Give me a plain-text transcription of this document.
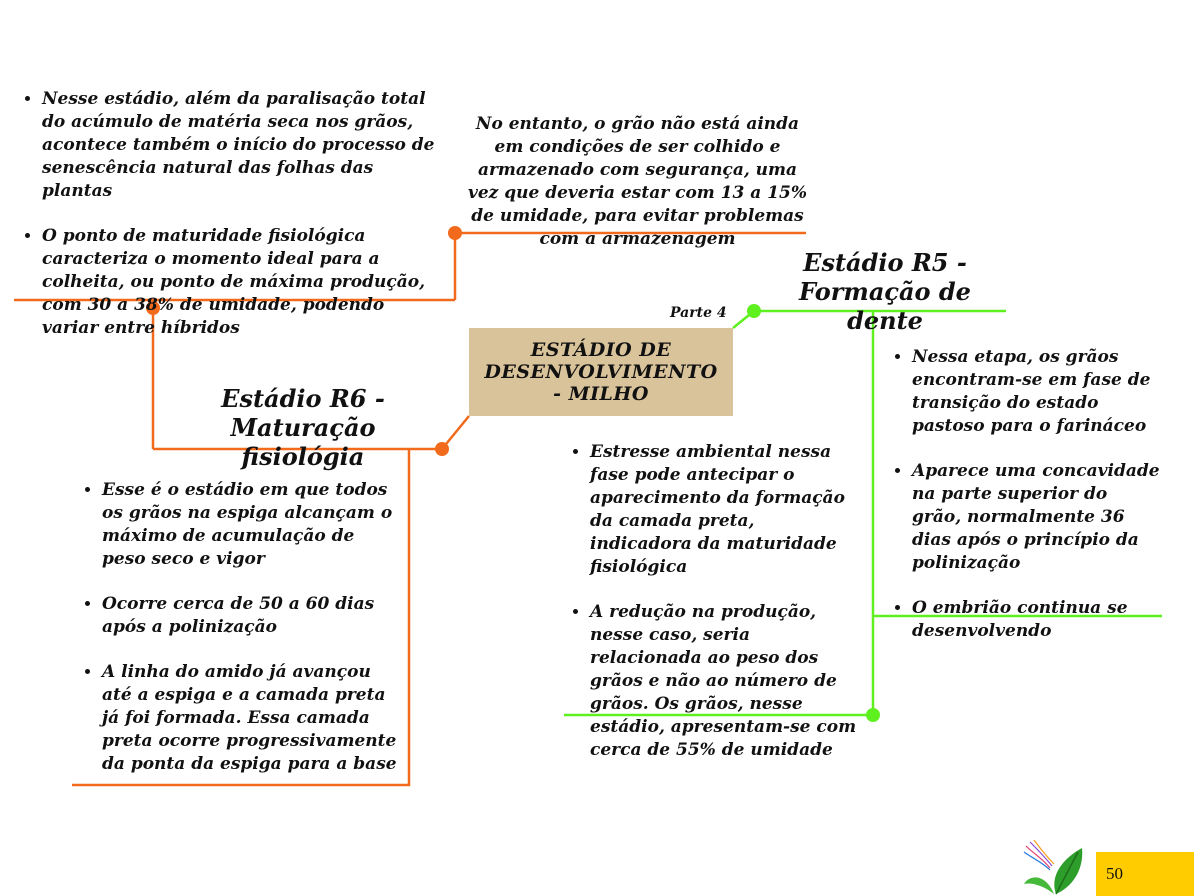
ESTÁDIO DE
DESENVOLVIMENTO
- MILHO
Parte 4
Estádio R6 -
Maturação fisiológia
• Nesse estádio, além da paralisação total do acúmulo de matéria seca nos grãos, acontece também o início do processo de senescência natural das folhas das plantas
• O ponto de maturidade fisiológica caracteriza o momento ideal para a colheita, ou ponto de máxima produção, com 30 a 38% de umidade, podendo variar entre híbridos
No entanto, o grão não está ainda em condições de ser colhido e armazenado com segurança, uma vez que deveria estar com 13 a 15% de umidade, para evitar problemas com a armazenagem
• Esse é o estádio em que todos os grãos na espiga alcançam o máximo de acumulação de peso seco e vigor
• Ocorre cerca de 50 a 60 dias após a polinização
• A linha do amido já avançou até a espiga e a camada preta já foi formada. Essa camada preta ocorre progressivamente da ponta da espiga para a base
Estádio R5 -
Formação de dente
• Nessa etapa, os grãos encontram-se em fase de transição do estado pastoso para o farináceo
• Aparece uma concavidade na parte superior do grão, normalmente 36 dias após o princípio da polinização
• O embrião continua se desenvolvendo
• Estresse ambiental nessa fase pode antecipar o aparecimento da formação da camada preta, indicadora da maturidade fisiológica
• A redução na produção, nesse caso, seria relacionada ao peso dos grãos e não ao número de grãos. Os grãos, nesse estádio, apresentam-se com cerca de 55% de umidade
50
